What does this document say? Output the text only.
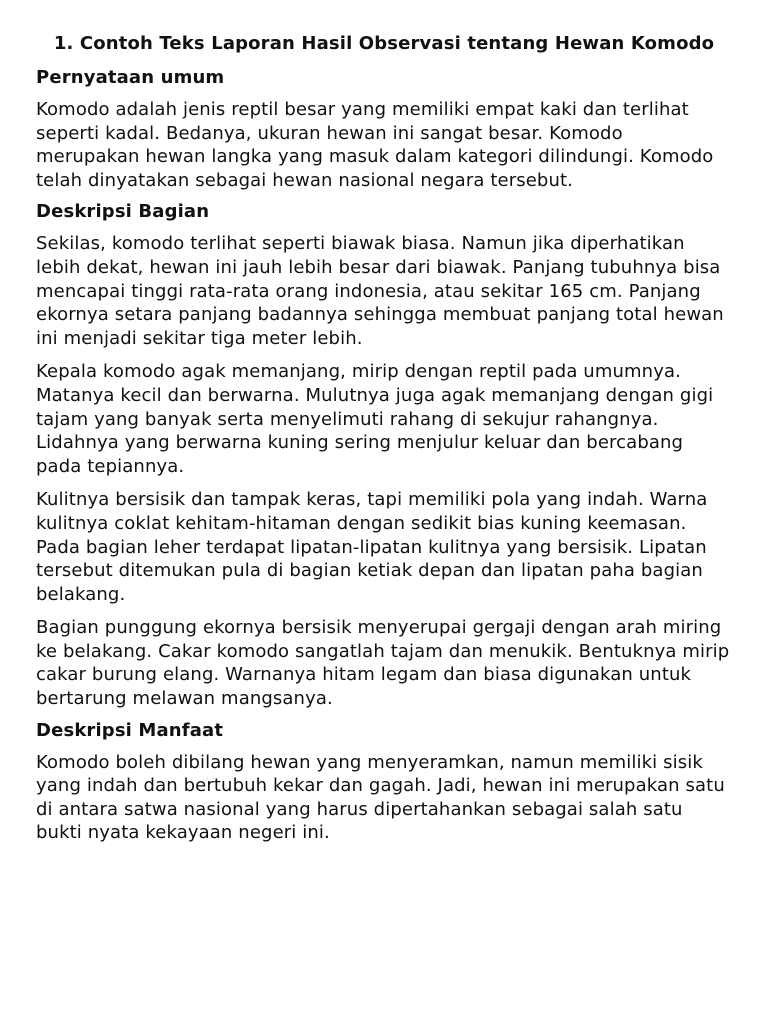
1. Contoh Teks Laporan Hasil Observasi tentang Hewan Komodo
Pernyataan umum

Komodo adalah jenis reptil besar yang memiliki empat kaki dan terlihat seperti kadal. Bedanya, ukuran hewan ini sangat besar. Komodo merupakan hewan langka yang masuk dalam kategori dilindungi. Komodo telah dinyatakan sebagai hewan nasional negara tersebut.

Deskripsi Bagian

Sekilas, komodo terlihat seperti biawak biasa. Namun jika diperhatikan lebih dekat, hewan ini jauh lebih besar dari biawak. Panjang tubuhnya bisa mencapai tinggi rata-rata orang indonesia, atau sekitar 165 cm. Panjang ekornya setara panjang badannya sehingga membuat panjang total hewan ini menjadi sekitar tiga meter lebih.

Kepala komodo agak memanjang, mirip dengan reptil pada umumnya. Matanya kecil dan berwarna. Mulutnya juga agak memanjang dengan gigi tajam yang banyak serta menyelimuti rahang di sekujur rahangnya. Lidahnya yang berwarna kuning sering menjulur keluar dan bercabang pada tepiannya.

Kulitnya bersisik dan tampak keras, tapi memiliki pola yang indah. Warna kulitnya coklat kehitam-hitaman dengan sedikit bias kuning keemasan. Pada bagian leher terdapat lipatan-lipatan kulitnya yang bersisik. Lipatan tersebut ditemukan pula di bagian ketiak depan dan lipatan paha bagian belakang.

Bagian punggung ekornya bersisik menyerupai gergaji dengan arah miring ke belakang. Cakar komodo sangatlah tajam dan menukik. Bentuknya mirip cakar burung elang. Warnanya hitam legam dan biasa digunakan untuk bertarung melawan mangsanya.

Deskripsi Manfaat

Komodo boleh dibilang hewan yang menyeramkan, namun memiliki sisik yang indah dan bertubuh kekar dan gagah. Jadi, hewan ini merupakan satu di antara satwa nasional yang harus dipertahankan sebagai salah satu bukti nyata kekayaan negeri ini.
